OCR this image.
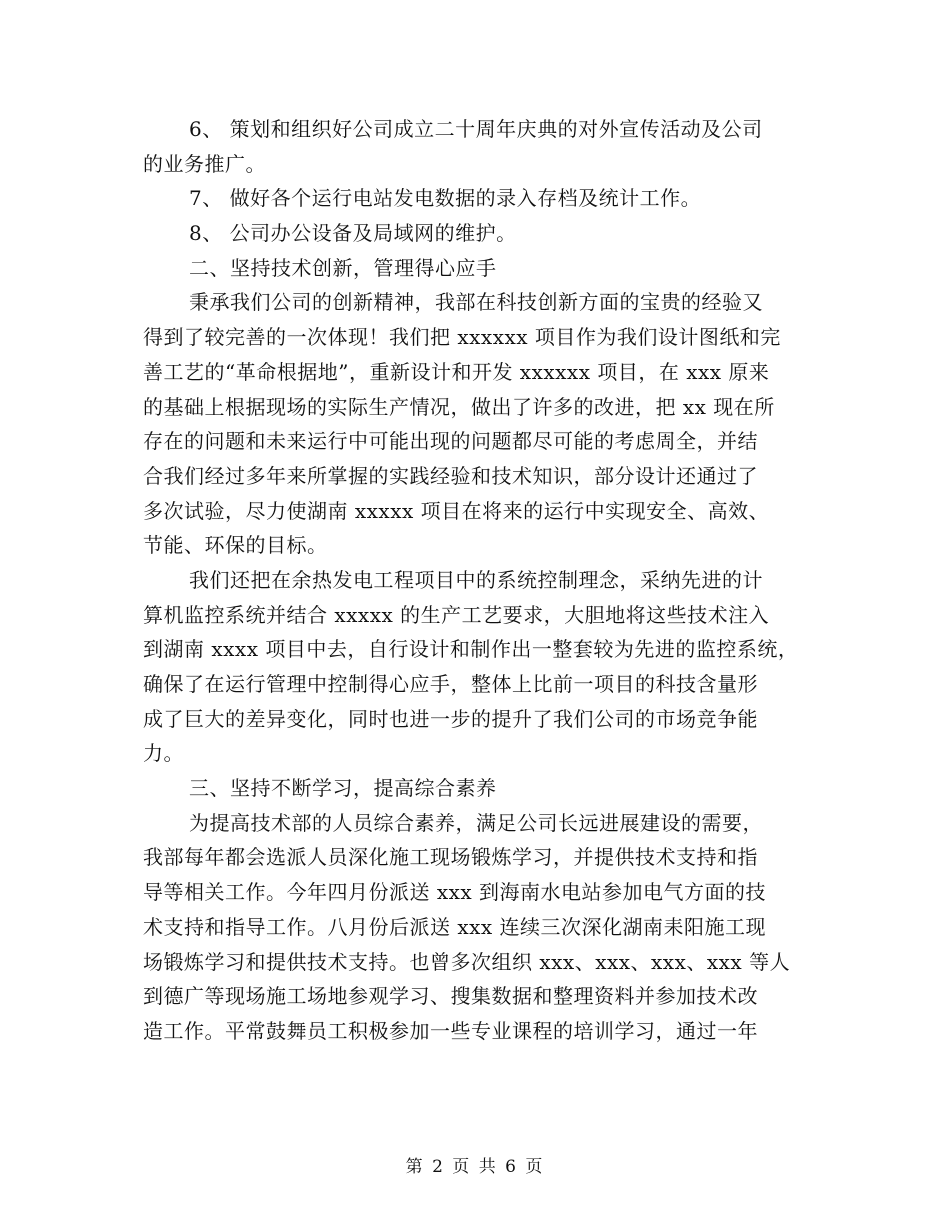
6、 策划和组织好公司成立二十周年庆典的对外宣传活动及公司
的业务推广。
7、 做好各个运行电站发电数据的录入存档及统计工作。
8、 公司办公设备及局域网的维护。
二、坚持技术创新，管理得心应手
秉承我们公司的创新精神，我部在科技创新方面的宝贵的经验又
得到了较完善的一次体现！我们把 xxxxxx 项目作为我们设计图纸和完
善工艺的“革命根据地”，重新设计和开发 xxxxxx 项目，在 xxx 原来
的基础上根据现场的实际生产情况，做出了许多的改进，把 xx 现在所
存在的问题和未来运行中可能出现的问题都尽可能的考虑周全，并结
合我们经过多年来所掌握的实践经验和技术知识，部分设计还通过了
多次试验，尽力使湖南 xxxxx 项目在将来的运行中实现安全、高效、
节能、环保的目标。
我们还把在余热发电工程项目中的系统控制理念，采纳先进的计
算机监控系统并结合 xxxxx 的生产工艺要求，大胆地将这些技术注入
到湖南 xxxx 项目中去，自行设计和制作出一整套较为先进的监控系统，
确保了在运行管理中控制得心应手，整体上比前一项目的科技含量形
成了巨大的差异变化，同时也进一步的提升了我们公司的市场竞争能
力。
三、坚持不断学习，提高综合素养
为提高技术部的人员综合素养，满足公司长远进展建设的需要，
我部每年都会选派人员深化施工现场锻炼学习，并提供技术支持和指
导等相关工作。今年四月份派送 xxx 到海南水电站参加电气方面的技
术支持和指导工作。八月份后派送 xxx 连续三次深化湖南耒阳施工现
场锻炼学习和提供技术支持。也曾多次组织 xxx、xxx、xxx、xxx 等人
到德广等现场施工场地参观学习、搜集数据和整理资料并参加技术改
造工作。平常鼓舞员工积极参加一些专业课程的培训学习，通过一年
第 2 页 共 6 页
